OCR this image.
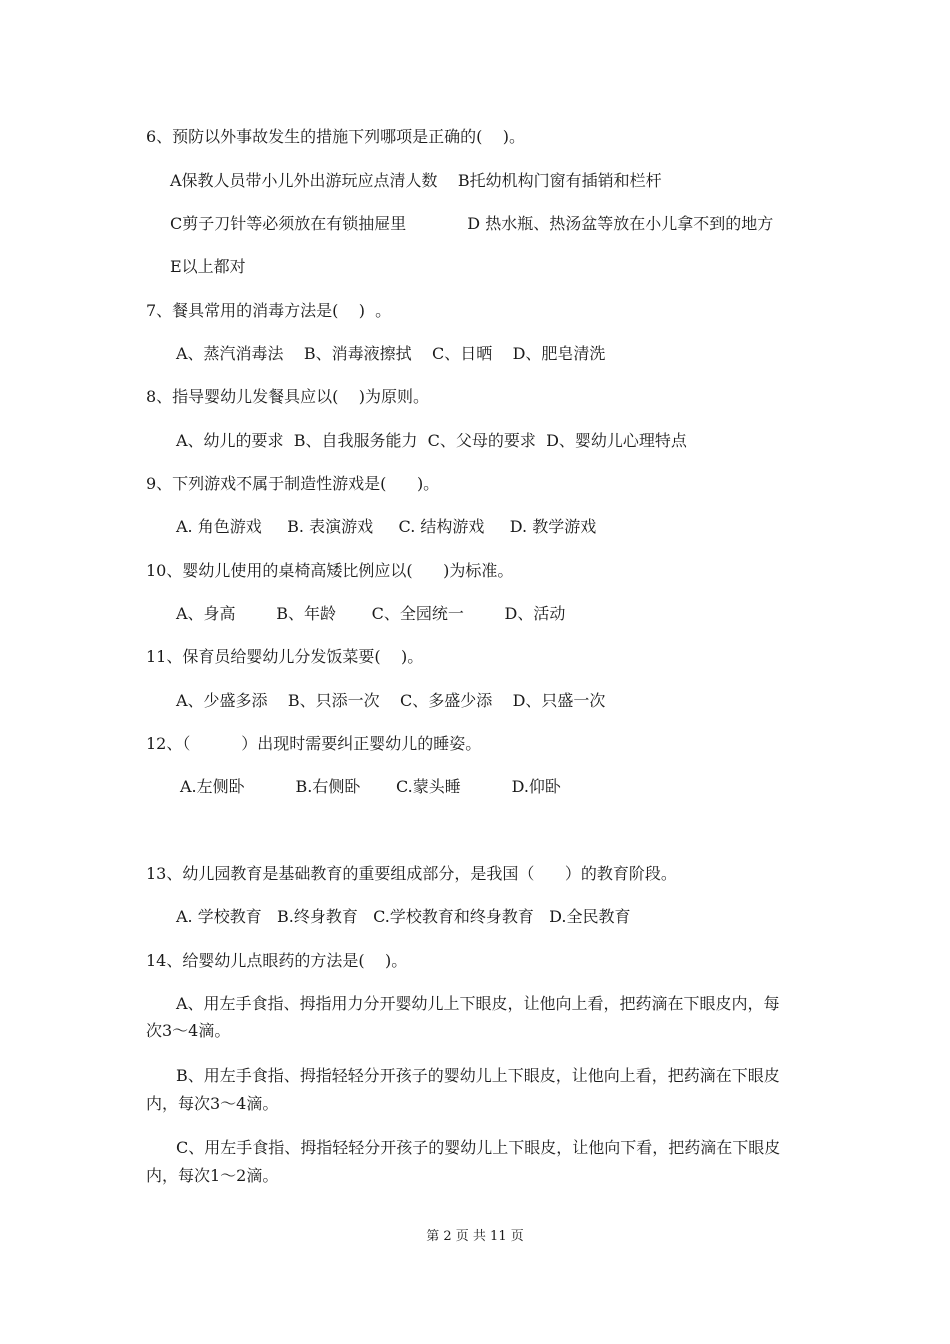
6、预防以外事故发生的措施下列哪项是正确的(    )。
A保教人员带小儿外出游玩应点清人数    B托幼机构门窗有插销和栏杆
C剪子刀针等必须放在有锁抽屉里            D 热水瓶、热汤盆等放在小儿拿不到的地方
E以上都对
7、餐具常用的消毒方法是(    )  。
A、蒸汽消毒法    B、消毒液擦拭    C、日晒    D、肥皂清洗
8、指导婴幼儿发餐具应以(    )为原则。
A、幼儿的要求  B、自我服务能力  C、父母的要求  D、婴幼儿心理特点
9、下列游戏不属于制造性游戏是(      )。
A. 角色游戏     B. 表演游戏     C. 结构游戏     D. 教学游戏
10、婴幼儿使用的桌椅高矮比例应以(      )为标准。
A、身高        B、年龄       C、全园统一        D、活动
11、保育员给婴幼儿分发饭菜要(    )。
A、少盛多添    B、只添一次    C、多盛少添    D、只盛一次
12、（          ）出现时需要纠正婴幼儿的睡姿。
A.左侧卧          B.右侧卧       C.蒙头睡          D.仰卧
13、幼儿园教育是基础教育的重要组成部分，是我国（      ）的教育阶段。
A. 学校教育   B.终身教育   C.学校教育和终身教育   D.全民教育
14、给婴幼儿点眼药的方法是(    )。
A、用左手食指、拇指用力分开婴幼儿上下眼皮，让他向上看，把药滴在下眼皮内，每
次3～4滴。
B、用左手食指、拇指轻轻分开孩子的婴幼儿上下眼皮，让他向上看，把药滴在下眼皮
内，每次3～4滴。
C、用左手食指、拇指轻轻分开孩子的婴幼儿上下眼皮，让他向下看，把药滴在下眼皮
内，每次1～2滴。
第 2 页 共 11 页
